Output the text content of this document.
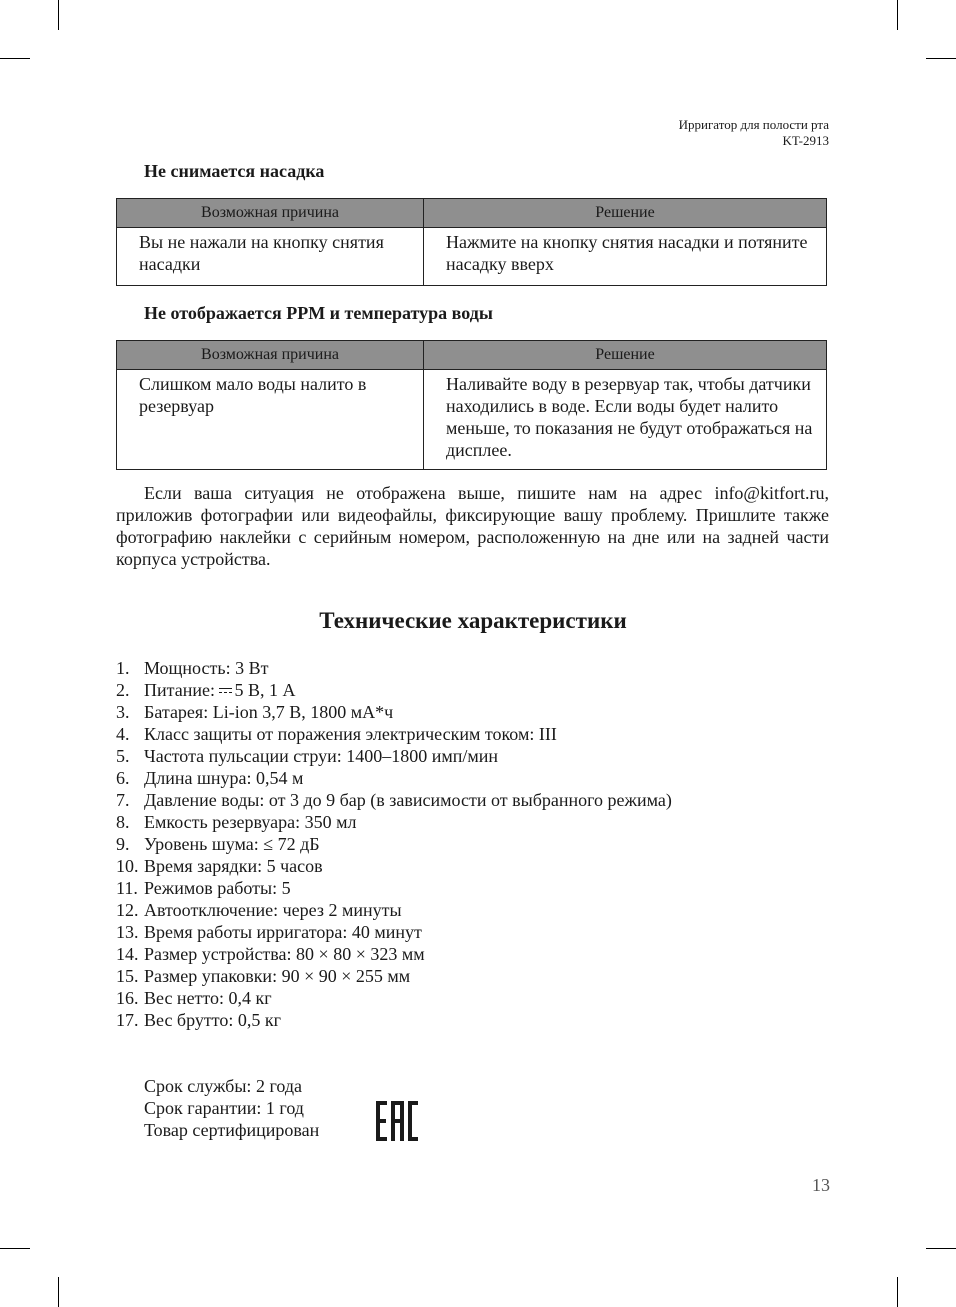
Ирригатор для полости рта
KT-2913
Не снимается насадка
Возможная причина	Решение
Вы не нажали на кнопку снятия насадки	Нажмите на кнопку снятия насадки и потяните насадку вверх
Не отображается PPM и температура воды
Возможная причина	Решение
Слишком мало воды налито в резервуар	Наливайте воду в резервуар так, чтобы датчики находились в воде. Если воды будет налито меньше, то показания не будут отображаться на дисплее.
Если ваша ситуация не отображена выше, пишите нам на адрес info@kitfort.ru, приложив фотографии или видеофайлы, фиксирующие вашу проблему. Пришлите также фотографию наклейки с серийным номером, расположенную на дне или на задней части корпуса устройства.
Технические характеристики
1. Мощность: 3 Вт
2. Питание: 5 В, 1 А
3. Батарея: Li-ion 3,7 В, 1800 мА*ч
4. Класс защиты от поражения электрическим током: III
5. Частота пульсации струи: 1400–1800 имп/мин
6. Длина шнура: 0,54 м
7. Давление воды: от 3 до 9 бар (в зависимости от выбранного режима)
8. Емкость резервуара: 350 мл
9. Уровень шума: ≤ 72 дБ
10. Время зарядки: 5 часов
11. Режимов работы: 5
12. Автоотключение: через 2 минуты
13. Время работы ирригатора: 40 минут
14. Размер устройства: 80 × 80 × 323 мм
15. Размер упаковки: 90 × 90 × 255 мм
16. Вес нетто: 0,4 кг
17. Вес брутто: 0,5 кг
Срок службы: 2 года
Срок гарантии: 1 год
Товар сертифицирован
13
